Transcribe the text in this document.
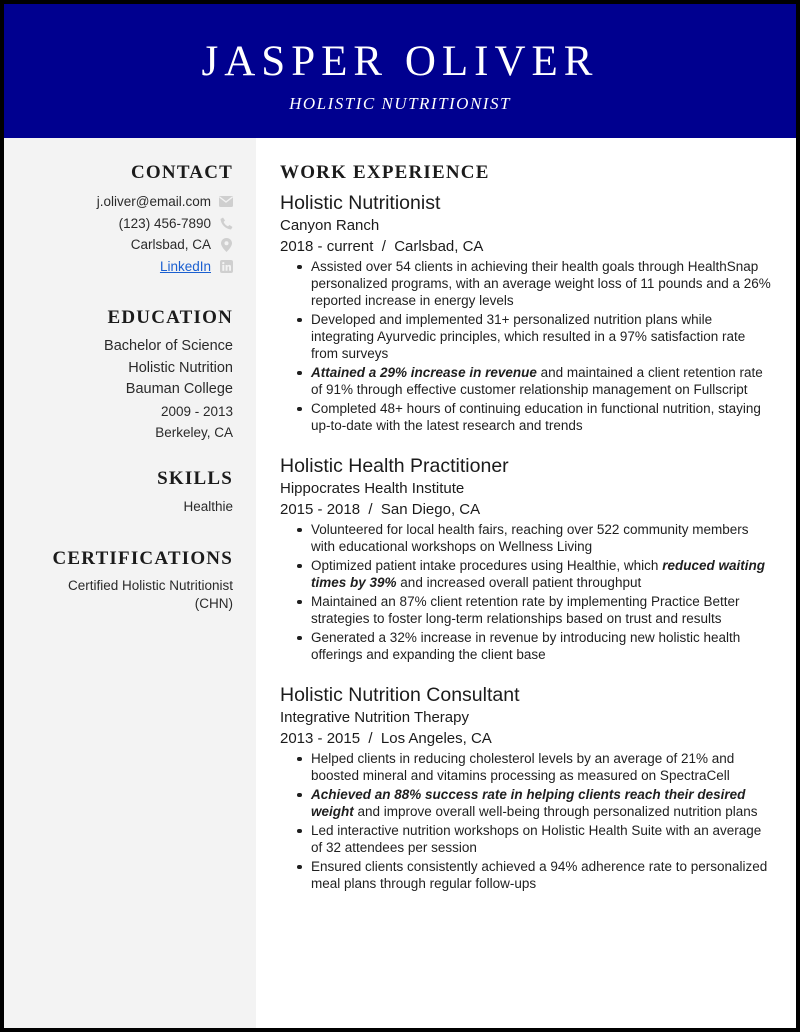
JASPER OLIVER
HOLISTIC NUTRITIONIST
CONTACT
j.oliver@email.com
(123) 456-7890
Carlsbad, CA
LinkedIn
EDUCATION
Bachelor of Science
Holistic Nutrition
Bauman College
2009 - 2013
Berkeley, CA
SKILLS
Healthie
CERTIFICATIONS
Certified Holistic Nutritionist
(CHN)
WORK EXPERIENCE
Holistic Nutritionist
Canyon Ranch
2018 - current  /  Carlsbad, CA
Assisted over 54 clients in achieving their health goals through HealthSnap personalized programs, with an average weight loss of 11 pounds and a 26% reported increase in energy levels
Developed and implemented 31+ personalized nutrition plans while integrating Ayurvedic principles, which resulted in a 97% satisfaction rate from surveys
Attained a 29% increase in revenue and maintained a client retention rate of 91% through effective customer relationship management on Fullscript
Completed 48+ hours of continuing education in functional nutrition, staying up-to-date with the latest research and trends
Holistic Health Practitioner
Hippocrates Health Institute
2015 - 2018  /  San Diego, CA
Volunteered for local health fairs, reaching over 522 community members with educational workshops on Wellness Living
Optimized patient intake procedures using Healthie, which reduced waiting times by 39% and increased overall patient throughput
Maintained an 87% client retention rate by implementing Practice Better strategies to foster long-term relationships based on trust and results
Generated a 32% increase in revenue by introducing new holistic health offerings and expanding the client base
Holistic Nutrition Consultant
Integrative Nutrition Therapy
2013 - 2015  /  Los Angeles, CA
Helped clients in reducing cholesterol levels by an average of 21% and boosted mineral and vitamins processing as measured on SpectraCell
Achieved an 88% success rate in helping clients reach their desired weight and improve overall well-being through personalized nutrition plans
Led interactive nutrition workshops on Holistic Health Suite with an average of 32 attendees per session
Ensured clients consistently achieved a 94% adherence rate to personalized meal plans through regular follow-ups
